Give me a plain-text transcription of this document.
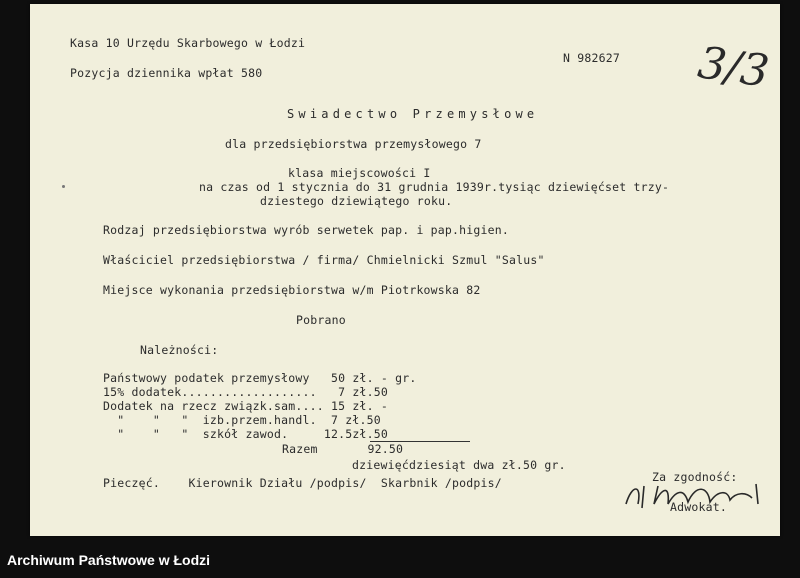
Kasa 10 Urzędu Skarbowego w Łodzi
Pozycja dziennika wpłat 580
N 982627
Swiadectwo Przemysłowe
dla przedsiębiorstwa przemysłowego 7
klasa miejscowości I
na czas od 1 stycznia do 31 grudnia 1939r.tysiąc dziewięćset trzy-
dziestego dziewiątego roku.
Rodzaj przedsiębiorstwa wyrób serwetek pap. i pap.higien.
Właściciel przedsiębiorstwa / firma/ Chmielnicki Szmul "Salus"
Miejsce wykonania przedsiębiorstwa w/m Piotrkowska 82
Pobrano
Należności:
Państwowy podatek przemysłowy   50 zł. - gr.
15% dodatek...................   7 zł.50
Dodatek na rzecz związk.sam.... 15 zł. -
"    "   "  izb.przem.handl.  7 zł.50
"    "   "  szkół zawod.     12.5zł.50
Razem       92.50
dziewięćdziesiąt dwa zł.50 gr.
Pieczęć.    Kierownik Działu /podpis/  Skarbnik /podpis/	Za zgodność:
Adwokat.
3/3
Archiwum Państwowe w Łodzi
